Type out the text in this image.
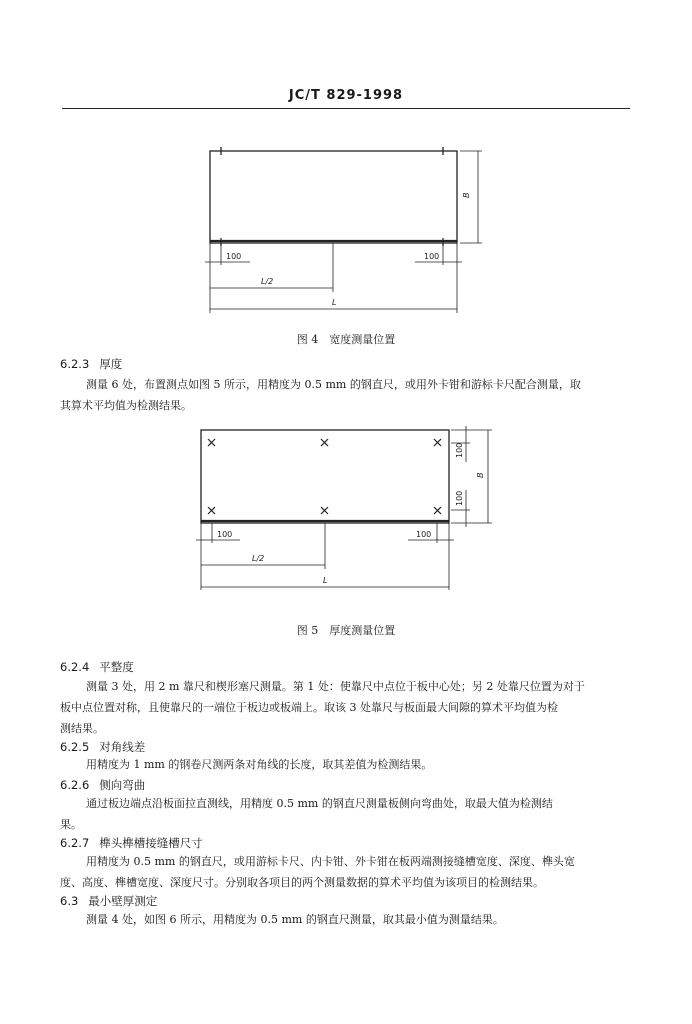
JC/T 829-1998
100	100
L/2
L
B
图 4　宽度测量位置
6.2.3 厚度

测量 6 处，布置测点如图 5 所示，用精度为 0.5 mm 的钢直尺，或用外卡钳和游标卡尺配合测量，取

其算术平均值为检测结果。

100	100
L/2
L
100
100
B
图 5　厚度测量位置
6.2.4 平整度

测量 3 处，用 2 m 靠尺和楔形塞尺测量。第 1 处：使靠尺中点位于板中心处；另 2 处靠尺位置为对于

板中点位置对称，且使靠尺的一端位于板边或板端上。取该 3 处靠尺与板面最大间隙的算术平均值为检

测结果。

6.2.5 对角线差

用精度为 1 mm 的钢卷尺测两条对角线的长度，取其差值为检测结果。

6.2.6 侧向弯曲

通过板边端点沿板面拉直测线，用精度 0.5 mm 的钢直尺测量板侧向弯曲处，取最大值为检测结

果。

6.2.7 榫头榫槽接缝槽尺寸

用精度为 0.5 mm 的钢直尺，或用游标卡尺、内卡钳、外卡钳在板两端测接缝槽宽度、深度、榫头宽

度、高度、榫槽宽度、深度尺寸。分别取各项目的两个测量数据的算术平均值为该项目的检测结果。

6.3 最小壁厚测定

测量 4 处，如图 6 所示，用精度为 0.5 mm 的钢直尺测量，取其最小值为测量结果。
